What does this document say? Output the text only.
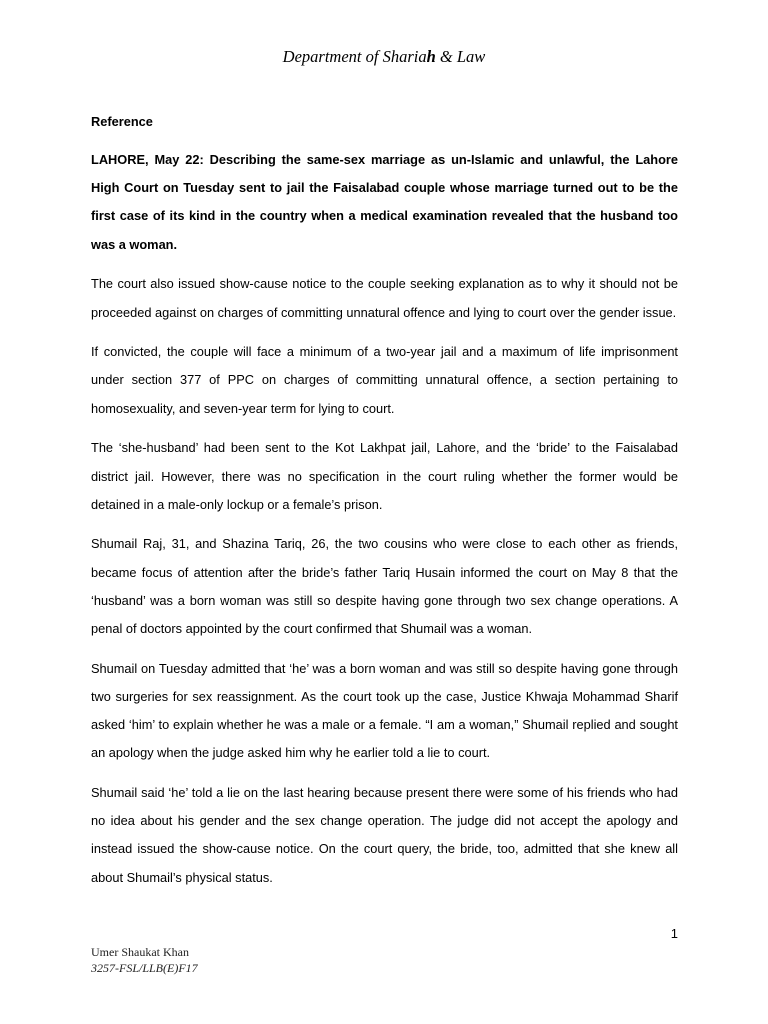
Department of Shariah & Law
Reference

LAHORE, May 22: Describing the same-sex marriage as un-Islamic and unlawful, the Lahore High Court on Tuesday sent to jail the Faisalabad couple whose marriage turned out to be the first case of its kind in the country when a medical examination revealed that the husband too was a woman.

The court also issued show-cause notice to the couple seeking explanation as to why it should not be proceeded against on charges of committing unnatural offence and lying to court over the gender issue.

If convicted, the couple will face a minimum of a two-year jail and a maximum of life imprisonment under section 377 of PPC on charges of committing unnatural offence, a section pertaining to homosexuality, and seven-year term for lying to court.

The ‘she-husband’ had been sent to the Kot Lakhpat jail, Lahore, and the ‘bride’ to the Faisalabad district jail. However, there was no specification in the court ruling whether the former would be detained in a male-only lockup or a female’s prison.

Shumail Raj, 31, and Shazina Tariq, 26, the two cousins who were close to each other as friends, became focus of attention after the bride’s father Tariq Husain informed the court on May 8 that the ‘husband’ was a born woman was still so despite having gone through two sex change operations. A penal of doctors appointed by the court confirmed that Shumail was a woman.

Shumail on Tuesday admitted that ‘he’ was a born woman and was still so despite having gone through two surgeries for sex reassignment. As the court took up the case, Justice Khwaja Mohammad Sharif asked ‘him’ to explain whether he was a male or a female. “I am a woman,” Shumail replied and sought an apology when the judge asked him why he earlier told a lie to court.

Shumail said ‘he’ told a lie on the last hearing because present there were some of his friends who had no idea about his gender and the sex change operation. The judge did not accept the apology and instead issued the show-cause notice. On the court query, the bride, too, admitted that she knew all about Shumail’s physical status.

1
Umer Shaukat Khan
3257-FSL/LLB(E)F17
